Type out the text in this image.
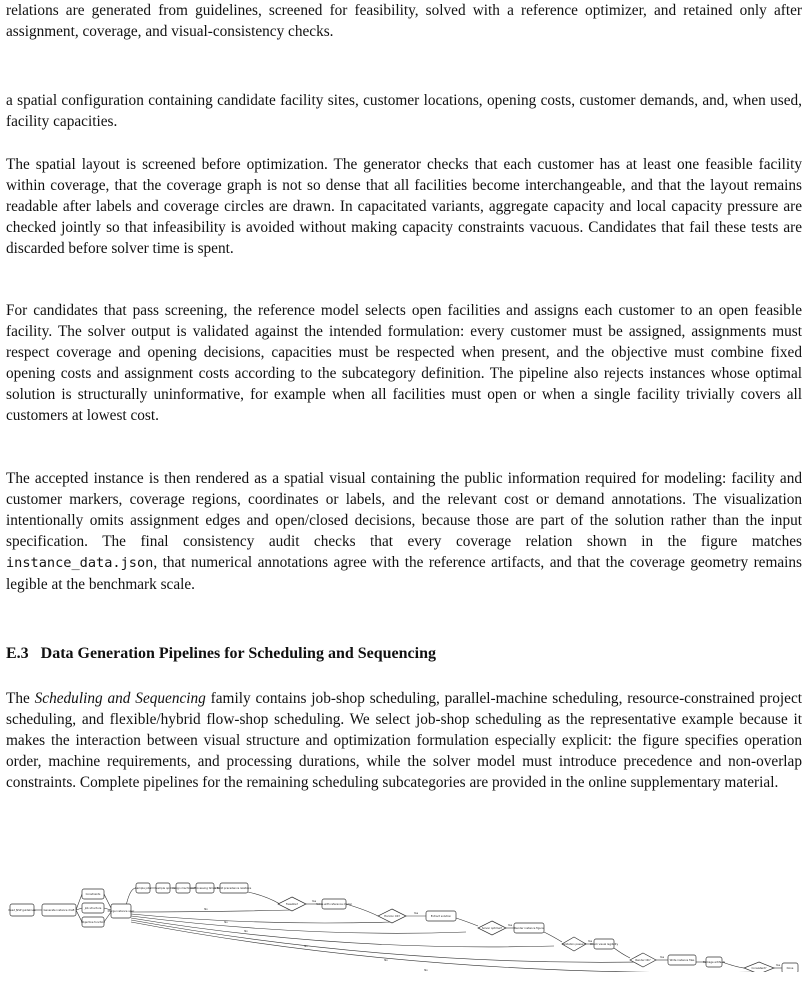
relations are generated from guidelines, screened for feasibility, solved with a reference optimizer, and retained only after assignment, coverage, and visual-consistency checks.

a spatial configuration containing candidate facility sites, customer locations, opening costs, customer demands, and, when used, facility capacities.

The spatial layout is screened before optimization. The generator checks that each customer has at least one feasible facility within coverage, that the coverage graph is not so dense that all facilities become interchangeable, and that the layout remains readable after labels and coverage circles are drawn. In capacitated variants, aggregate capacity and local capacity pressure are checked jointly so that infeasibility is avoided without making capacity constraints vacuous. Candidates that fail these tests are discarded before solver time is spent.

For candidates that pass screening, the reference model selects open facilities and assigns each customer to an open feasible facility. The solver output is validated against the intended formulation: every customer must be assigned, assignments must respect coverage and opening decisions, capacities must be respected when present, and the objective must combine fixed opening costs and assignment costs according to the subcategory definition. The pipeline also rejects instances whose optimal solution is structurally uninformative, for example when all facilities must open or when a single facility trivially covers all customers at lowest cost.

The accepted instance is then rendered as a spatial visual containing the public information required for modeling: facility and customer markers, coverage regions, coordinates or labels, and the relevant cost or demand annotations. The visualization intentionally omits assignment edges and open/closed decisions, because those are part of the solution rather than the input specification. The final consistency audit checks that every coverage relation shown in the figure matches instance_data.json, that numerical annotations agree with the reference artifacts, and that the coverage geometry remains legible at the benchmark scale.

E.3 Data Generation Pipelines for Scheduling and Sequencing

The Scheduling and Sequencing family contains job-shop scheduling, parallel-machine scheduling, resource-constrained project scheduling, and flexible/hybrid flow-shop scheduling. We select job-shop scheduling as the representative example because it makes the interaction between visual structure and optimization formulation especially explicit: the figure specifies operation order, machine requirements, and processing durations, while the solver model must introduce precedence and non-overlap constraints. Complete pipelines for the remaining scheduling subcategories are provided in the online supplementary material.

Read JSSP guidelines	Generate instance draft
Constraints
Job structure
Objective function
Merge instance spec
Sample jobs Sample ops Assign machines Processing times Build precedence relations
Feasible?	Solve with reference model
Horizon OK?	Extract solution
Solver optimal?	Render instance figure
Validation passed? Check visual legibility
Render OK?	Write instance files
Package artifacts
Consistent?	Done
Yes
Yes
Yes
Yes
Yes
Yes
No
No
No
No
No
No
